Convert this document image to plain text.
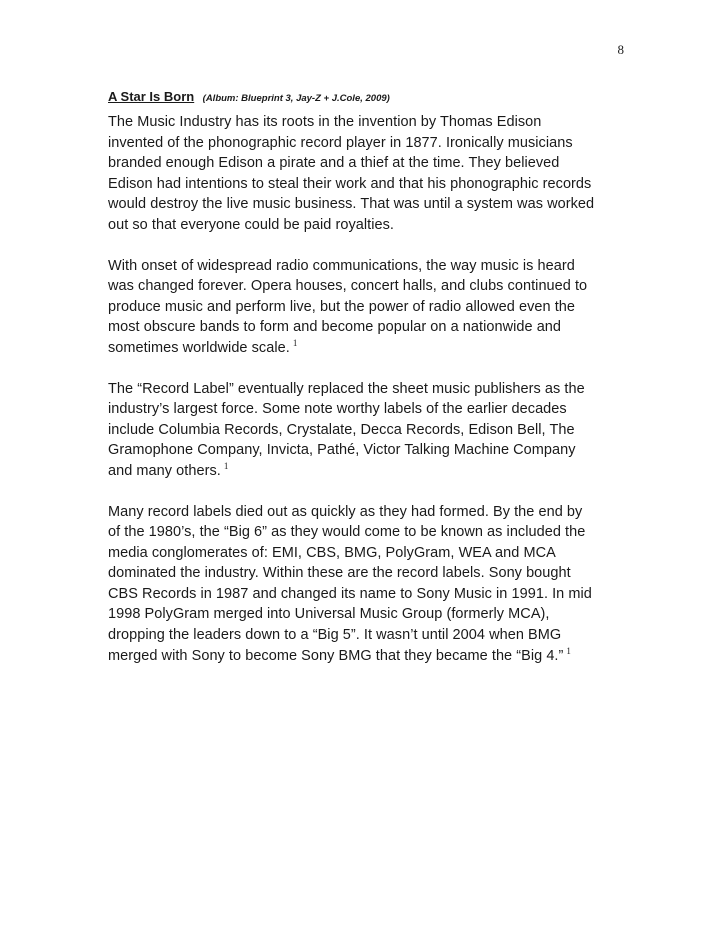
8
A Star Is Born (Album: Blueprint 3, Jay-Z + J.Cole, 2009)

The Music Industry has its roots in the invention by Thomas Edison
invented of the phonographic record player in 1877. Ironically musicians
branded enough Edison a pirate and a thief at the time. They believed
Edison had intentions to steal their work and that his phonographic records
would destroy the live music business. That was until a system was worked
out so that everyone could be paid royalties.

With onset of widespread radio communications, the way music is heard
was changed forever. Opera houses, concert halls, and clubs continued to
produce music and perform live, but the power of radio allowed even the
most obscure bands to form and become popular on a nationwide and
sometimes worldwide scale. $^1$

The “Record Label” eventually replaced the sheet music publishers as the
industry’s largest force. Some note worthy labels of the earlier decades
include Columbia Records, Crystalate, Decca Records, Edison Bell, The
Gramophone Company, Invicta, Pathé, Victor Talking Machine Company
and many others. $^1$

Many record labels died out as quickly as they had formed. By the end by
of the 1980’s, the “Big 6” as they would come to be known as included the
media conglomerates of: EMI, CBS, BMG, PolyGram, WEA and MCA
dominated the industry. Within these are the record labels. Sony bought
CBS Records in 1987 and changed its name to Sony Music in 1991. In mid
1998 PolyGram merged into Universal Music Group (formerly MCA),
dropping the leaders down to a “Big 5”. It wasn’t until 2004 when BMG
merged with Sony to become Sony BMG that they became the “Big 4.” $^1$
